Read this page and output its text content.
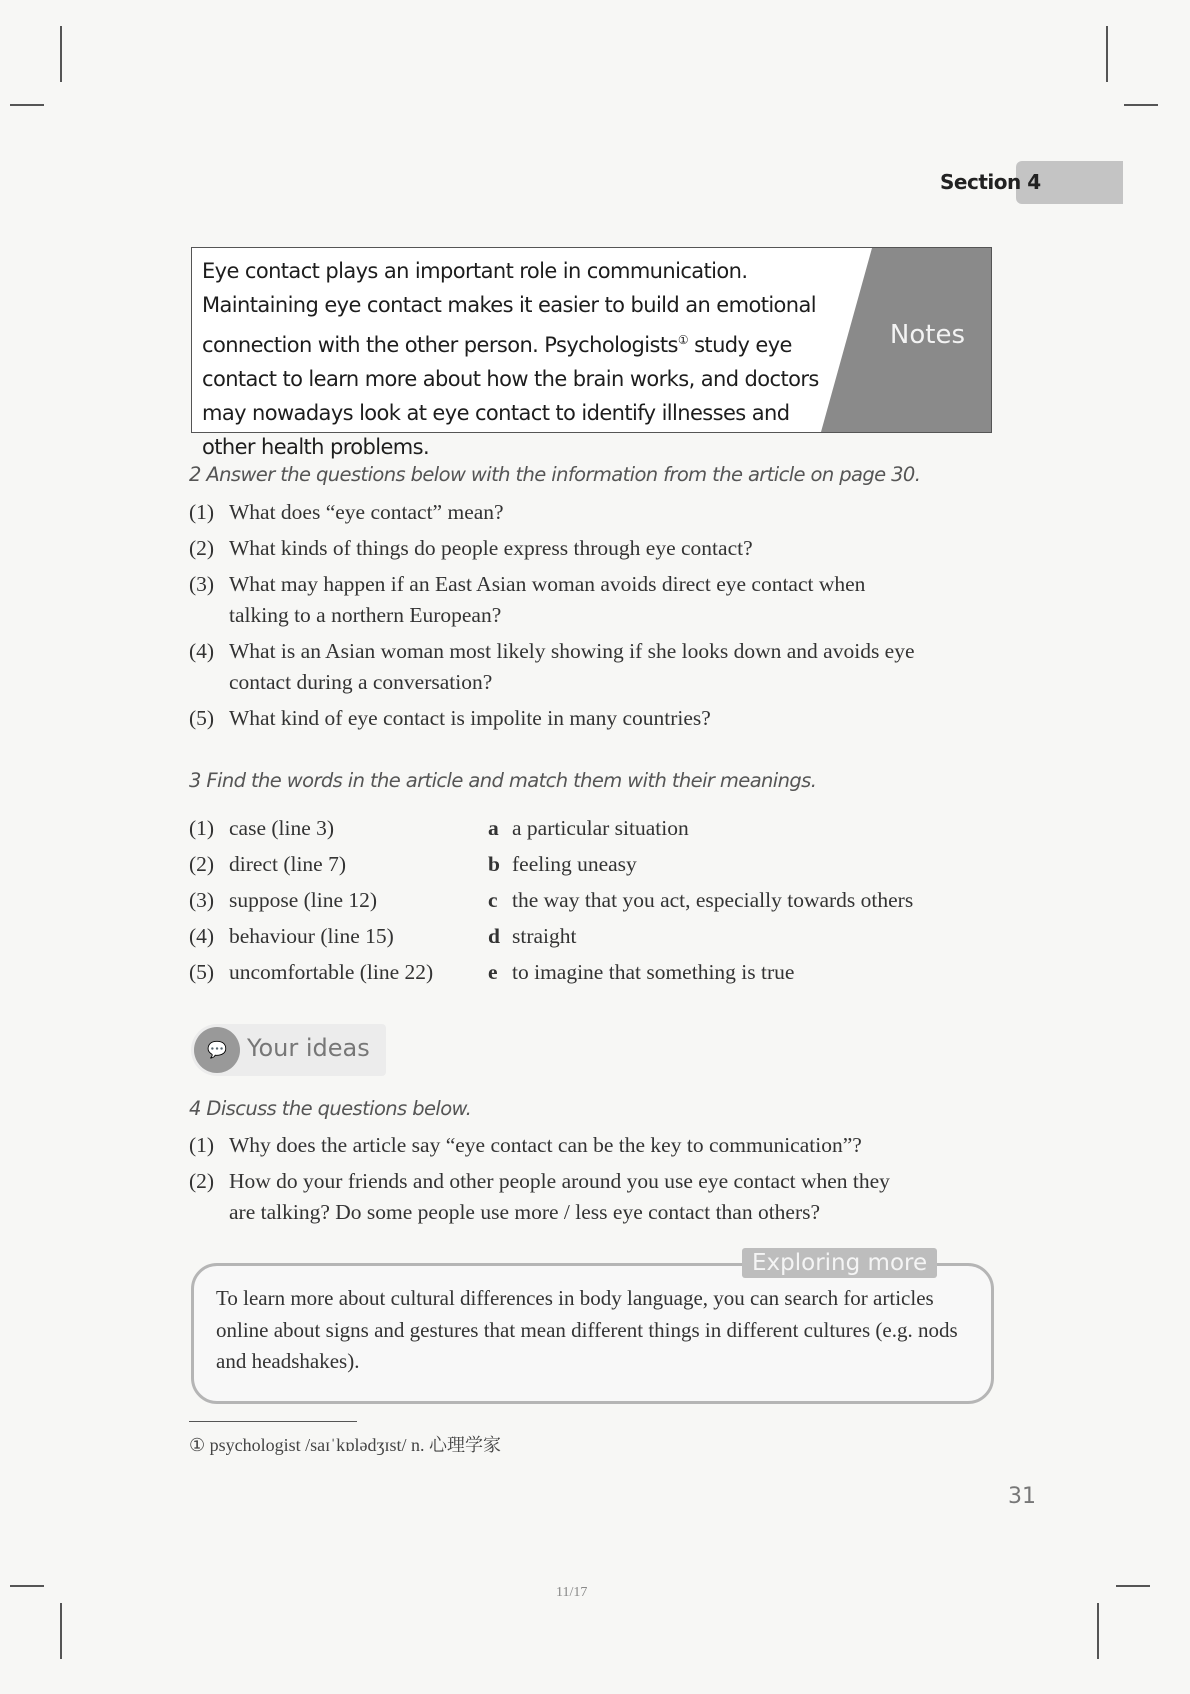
Section 4
Notes
Eye contact plays an important role in communication. Maintaining eye contact makes it easier to build an emotional connection with the other person. Psychologists① study eye contact to learn more about how the brain works, and doctors may nowadays look at eye contact to identify illnesses and other health problems.
2 Answer the questions below with the information from the article on page 30.
(1) What does “eye contact” mean?
(2) What kinds of things do people express through eye contact?
(3) What may happen if an East Asian woman avoids direct eye contact when
talking to a northern European?
(4) What is an Asian woman most likely showing if she looks down and avoids eye
contact during a conversation?
(5) What kind of eye contact is impolite in many countries?
3 Find the words in the article and match them with their meanings.
(1) case (line 3)
(2) direct (line 7)
(3) suppose (line 12)
(4) behaviour (line 15)
(5) uncomfortable (line 22)
a a particular situation
b feeling uneasy
c the way that you act, especially towards others
d straight
e to imagine that something is true
💬 Your ideas
4 Discuss the questions below.
(1) Why does the article say “eye contact can be the key to communication”?
(2) How do your friends and other people around you use eye contact when they
are talking? Do some people use more / less eye contact than others?
Exploring more
To learn more about cultural differences in body language, you can search for articles online about signs and gestures that mean different things in different cultures (e.g. nods and headshakes).
① psychologist /saɪˈkɒlədʒɪst/ n. 心理学家
31
11/17
